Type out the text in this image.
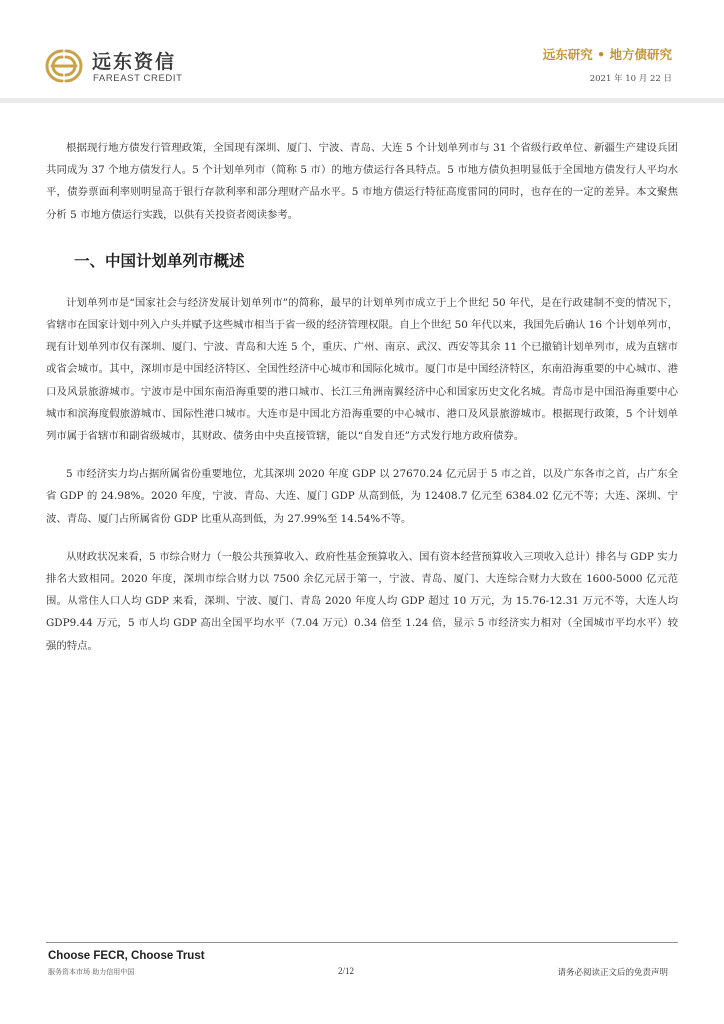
远东资信
FAREAST CREDIT
远东研究 • 地方债研究
2021 年 10 月 22 日

根据现行地方债发行管理政策，全国现有深圳、厦门、宁波、青岛、大连 5 个计划单列市与 31 个省级行政单位、新疆生产建设兵团共同成为 37 个地方债发行人。5 个计划单列市（简称 5 市）的地方债运行各具特点。5 市地方债负担明显低于全国地方债发行人平均水平，债券票面利率则明显高于银行存款利率和部分理财产品水平。5 市地方债运行特征高度雷同的同时，也存在的一定的差异。本文聚焦分析 5 市地方债运行实践，以供有关投资者阅读参考。

一、中国计划单列市概述

计划单列市是“国家社会与经济发展计划单列市”的简称，最早的计划单列市成立于上个世纪 50 年代，是在行政建制不变的情况下，省辖市在国家计划中列入户头并赋予这些城市相当于省一级的经济管理权限。自上个世纪 50 年代以来，我国先后确认 16 个计划单列市，现有计划单列市仅有深圳、厦门、宁波、青岛和大连 5 个，重庆、广州、南京、武汉、西安等其余 11 个已撤销计划单列市，成为直辖市或省会城市。其中，深圳市是中国经济特区、全国性经济中心城市和国际化城市。厦门市是中国经济特区，东南沿海重要的中心城市、港口及风景旅游城市。宁波市是中国东南沿海重要的港口城市、长江三角洲南翼经济中心和国家历史文化名城。青岛市是中国沿海重要中心城市和滨海度假旅游城市、国际性港口城市。大连市是中国北方沿海重要的中心城市、港口及风景旅游城市。根据现行政策，5 个计划单列市属于省辖市和副省级城市，其财政、债务由中央直接管辖，能以“自发自还”方式发行地方政府债券。

5 市经济实力均占据所属省份重要地位，尤其深圳 2020 年度 GDP 以 27670.24 亿元居于 5 市之首，以及广东各市之首，占广东全省 GDP 的 24.98%。2020 年度，宁波、青岛、大连、厦门 GDP 从高到低，为 12408.7 亿元至 6384.02 亿元不等；大连、深圳、宁波、青岛、厦门占所属省份 GDP 比重从高到低，为 27.99%至 14.54%不等。

从财政状况来看，5 市综合财力（一般公共预算收入、政府性基金预算收入、国有资本经营预算收入三项收入总计）排名与 GDP 实力排名大致相同。2020 年度，深圳市综合财力以 7500 余亿元居于第一，宁波、青岛、厦门、大连综合财力大致在 1600-5000 亿元范围。从常住人口人均 GDP 来看，深圳、宁波、厦门、青岛 2020 年度人均 GDP 超过 10 万元，为 15.76-12.31 万元不等，大连人均 GDP9.44 万元，5 市人均 GDP 高出全国平均水平（7.04 万元）0.34 倍至 1.24 倍，显示 5 市经济实力相对（全国城市平均水平）较强的特点。

Choose FECR, Choose Trust
服务资本市场 助力信用中国	2/12	请务必阅读正文后的免责声明
